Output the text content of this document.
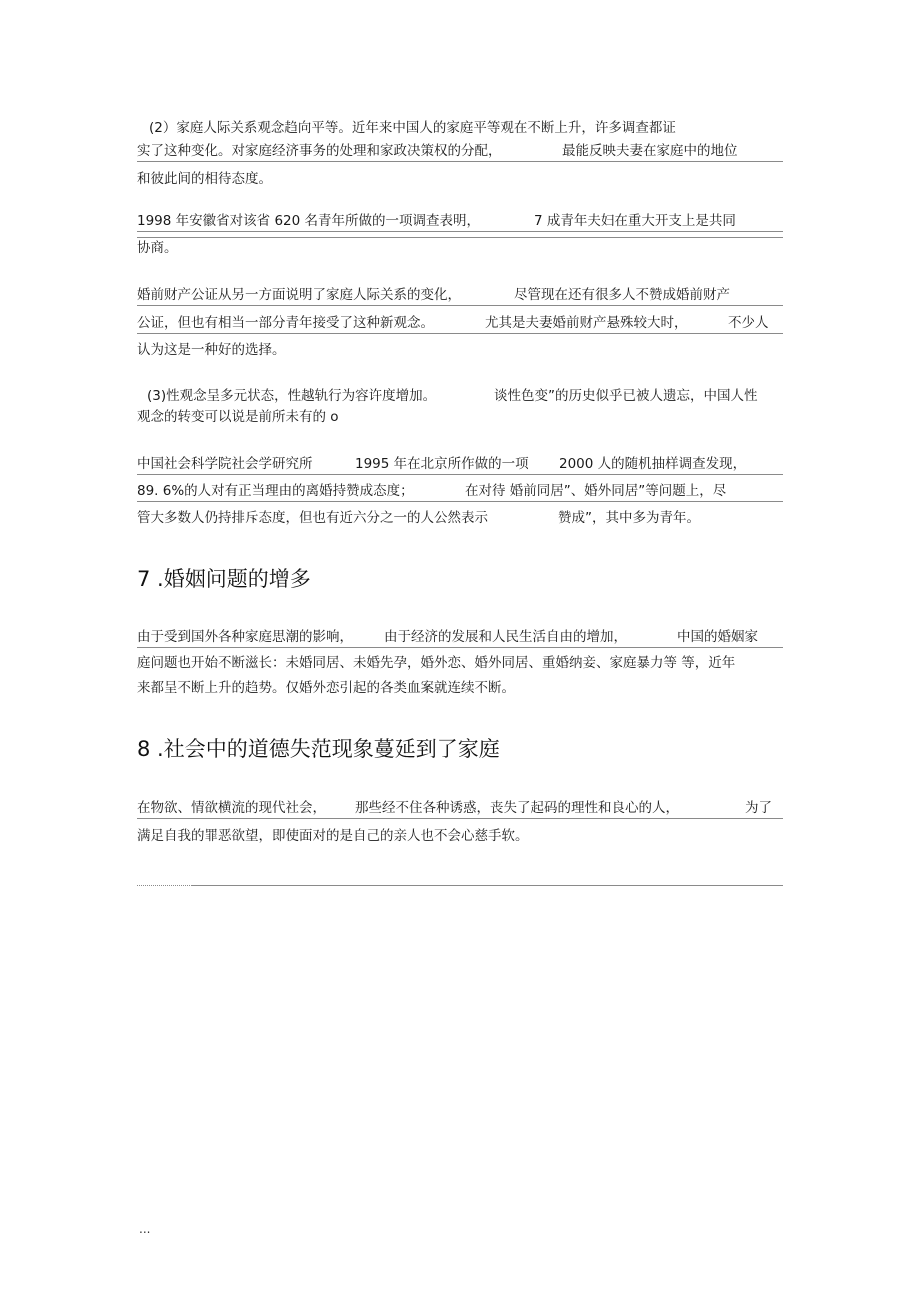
(2）家庭人际关系观念趋向平等。近年来中国人的家庭平等观在不断上升，许多调查都证
实了这种变化。对家庭经济事务的处理和家政决策权的分配，	最能反映夫妻在家庭中的地位
和彼此间的相待态度。
1998 年安徽省对该省 620 名青年所做的一项调查表明，	7 成青年夫妇在重大开支上是共同
协商。
婚前财产公证从另一方面说明了家庭人际关系的变化，	尽管现在还有很多人不赞成婚前财产
公证，但也有相当一部分青年接受了这种新观念。	尤其是夫妻婚前财产悬殊较大时，	不少人
认为这是一种好的选择。
(3)性观念呈多元状态，性越轨行为容许度增加。	谈性色变”的历史似乎已被人遗忘，中国人性
观念的转变可以说是前所未有的 o
中国社会科学院社会学研究所	1995 年在北京所作做的一项 2000 人的随机抽样调查发现，
89. 6%的人对有正当理由的离婚持赞成态度；	在对待 婚前同居”、婚外同居”等问题上，尽
管大多数人仍持排斥态度，但也有近六分之一的人公然表示	赞成”，其中多为青年。
7 .婚姻问题的增多
由于受到国外各种家庭思潮的影响， 由于经济的发展和人民生活自由的增加，	中国的婚姻家
庭问题也开始不断滋长：未婚同居、未婚先孕，婚外恋、婚外同居、重婚纳妾、家庭暴力等 等，近年
来都呈不断上升的趋势。仅婚外恋引起的各类血案就连续不断。
8 .社会中的道德失范现象蔓延到了家庭
在物欲、情欲横流的现代社会， 那些经不住各种诱惑，丧失了起码的理性和良心的人，	为了
满足自我的罪恶欲望，即使面对的是自己的亲人也不会心慈手软。
...
